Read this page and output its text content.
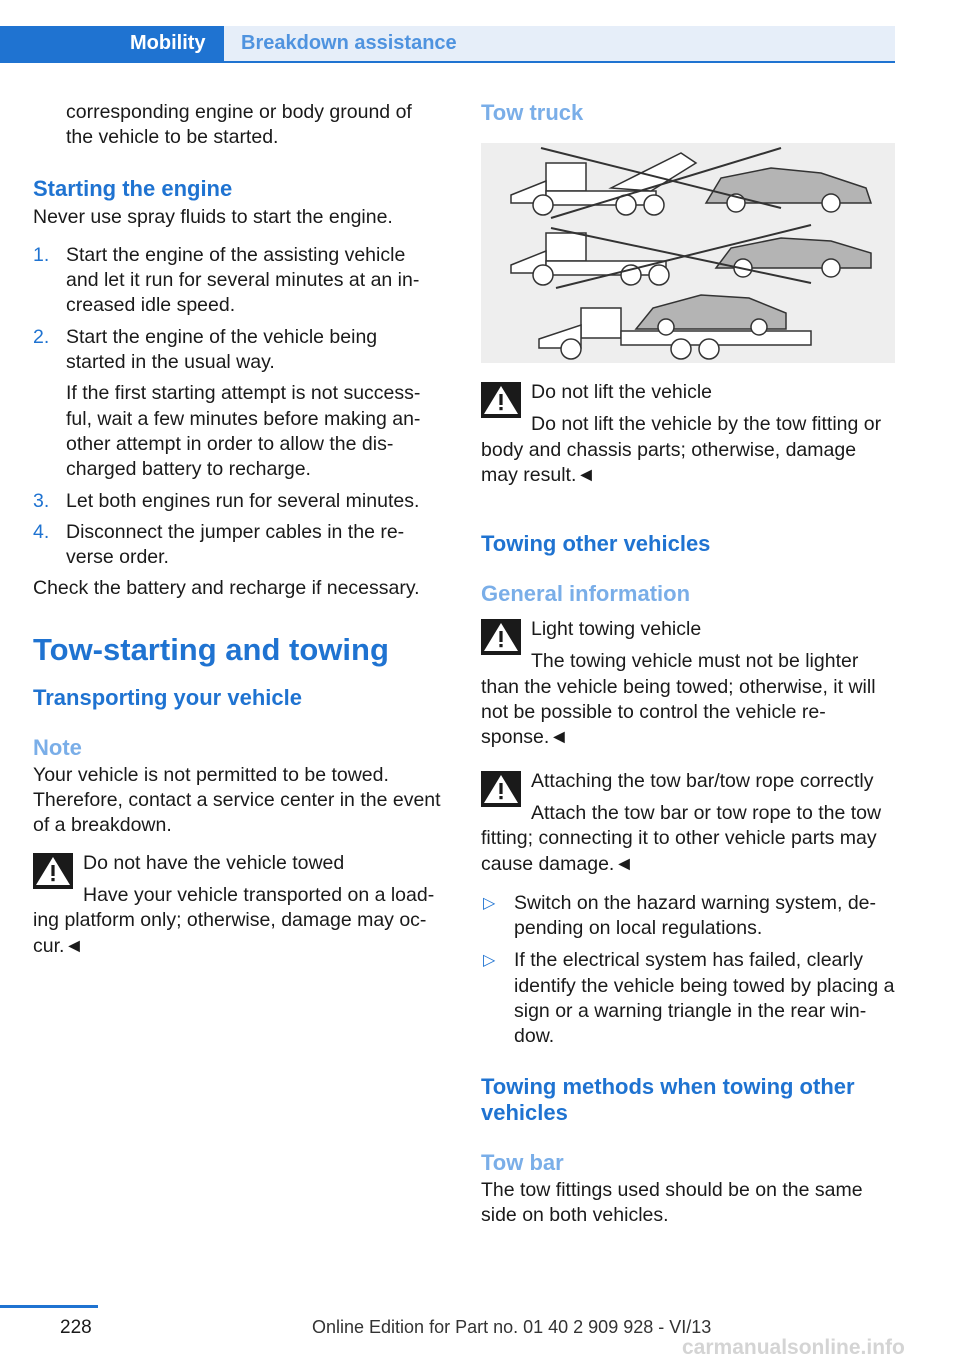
Mobility	Breakdown assistance

corresponding engine or body ground of the vehicle to be started.

Starting the engine

Never use spray fluids to start the engine.

1. Start the engine of the assisting vehicle and let it run for several minutes at an in‐creased idle speed.

2. Start the engine of the vehicle being started in the usual way.

If the first starting attempt is not success‐ful, wait a few minutes before making an‐other attempt in order to allow the dis‐charged battery to recharge.

3. Let both engines run for several minutes.

4. Disconnect the jumper cables in the re‐verse order.

Check the battery and recharge if necessary.

Tow-starting and towing

Transporting your vehicle

Note

Your vehicle is not permitted to be towed. Therefore, contact a service center in the event of a breakdown.

Do not have the vehicle towed

Have your vehicle transported on a load‐ing platform only; otherwise, damage may oc‐cur.◄

Tow truck

Do not lift the vehicle

Do not lift the vehicle by the tow fitting or body and chassis parts; otherwise, damage may result.◄

Towing other vehicles

General information

Light towing vehicle

The towing vehicle must not be lighter than the vehicle being towed; otherwise, it will not be possible to control the vehicle re‐sponse.◄

Attaching the tow bar/tow rope correctly

Attach the tow bar or tow rope to the tow fitting; connecting it to other vehicle parts may cause damage.◄

▷ Switch on the hazard warning system, de‐pending on local regulations.

▷ If the electrical system has failed, clearly identify the vehicle being towed by placing a sign or a warning triangle in the rear win‐dow.

Towing methods when towing other vehicles

Tow bar

The tow fittings used should be on the same side on both vehicles.

228	Online Edition for Part no. 01 40 2 909 928 - VI/13
carmanualsonline.info
